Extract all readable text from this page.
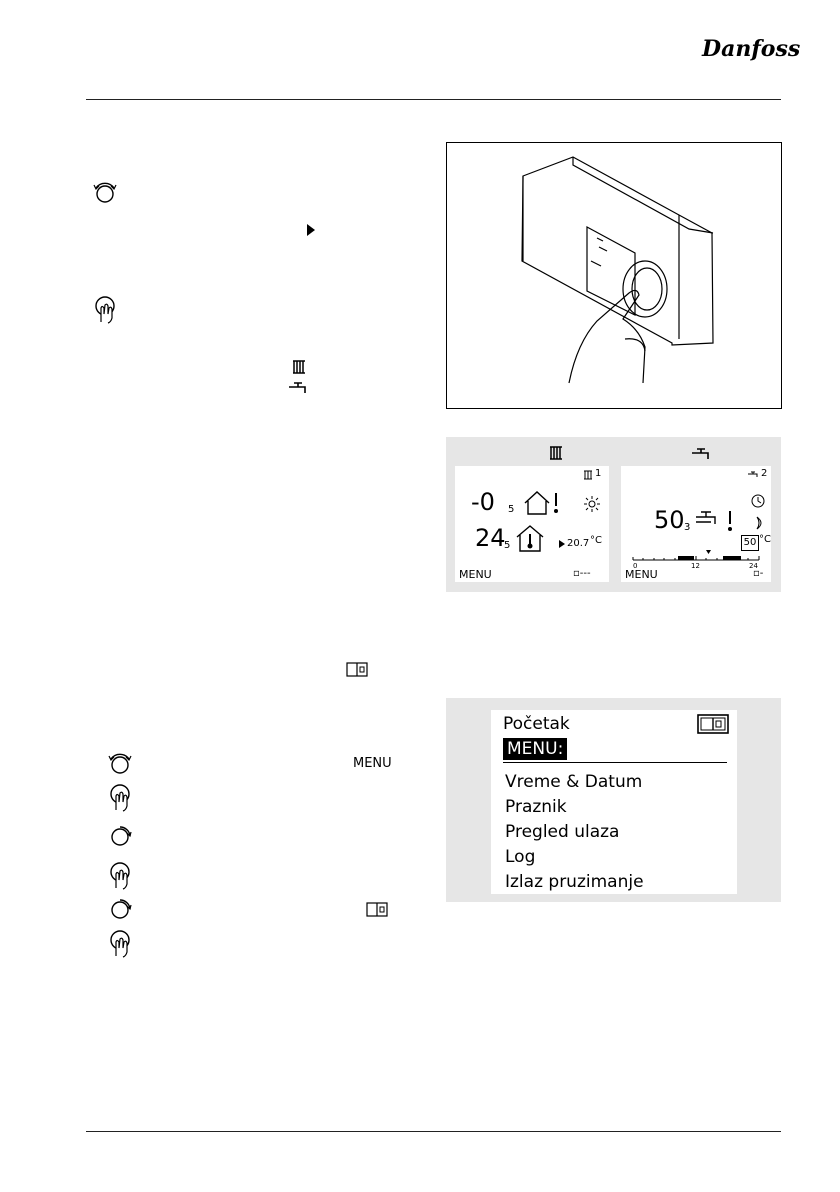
Danfoss
1
-0 5
24
5	20.7 °C
MENU	▫---
2
50 3
50 °C
0	12	24
MENU	▫-
MENU
Početak
MENU:
Vreme & Datum
Praznik
Pregled ulaza
Log
Izlaz pruzimanje
